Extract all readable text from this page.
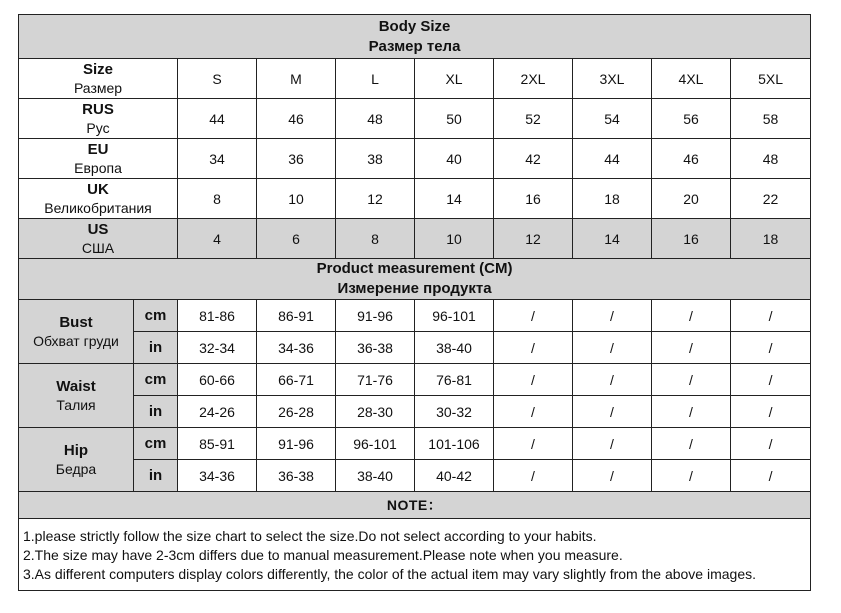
Body Size
Размер тела									

Size
Размер		S	M	L	XL	2XL	3XL	4XL	5XL

RUS
Рус		44	46	48	50	52	54	56	58

EU
Европа		34	36	38	40	42	44	46	48

UK
Великобритания		8	10	12	14	16	18	20	22

US
США		4	6	8	10	12	14	16	18

Product measurement (CM)
Измерение продукта									

Bust
Обхват груди	cm	81-86	86-91	91-96	96-101	/	/	/	/
	in	32-34	34-36	36-38	38-40	/	/	/	/

Waist
Талия	cm	60-66	66-71	71-76	76-81	/	/	/	/
	in	24-26	26-28	28-30	30-32	/	/	/	/

Hip
Бедра	cm	85-91	91-96	96-101	101-106	/	/	/	/
	in	34-36	36-38	38-40	40-42	/	/	/	/
NOTE：									

1.please strictly follow the size chart to select the size.Do not select according to your habits.
2.The size may have 2-3cm differs due to manual measurement.Please note when you measure.
3.As different computers display colors differently, the color of the actual item may vary slightly from the above images.									
